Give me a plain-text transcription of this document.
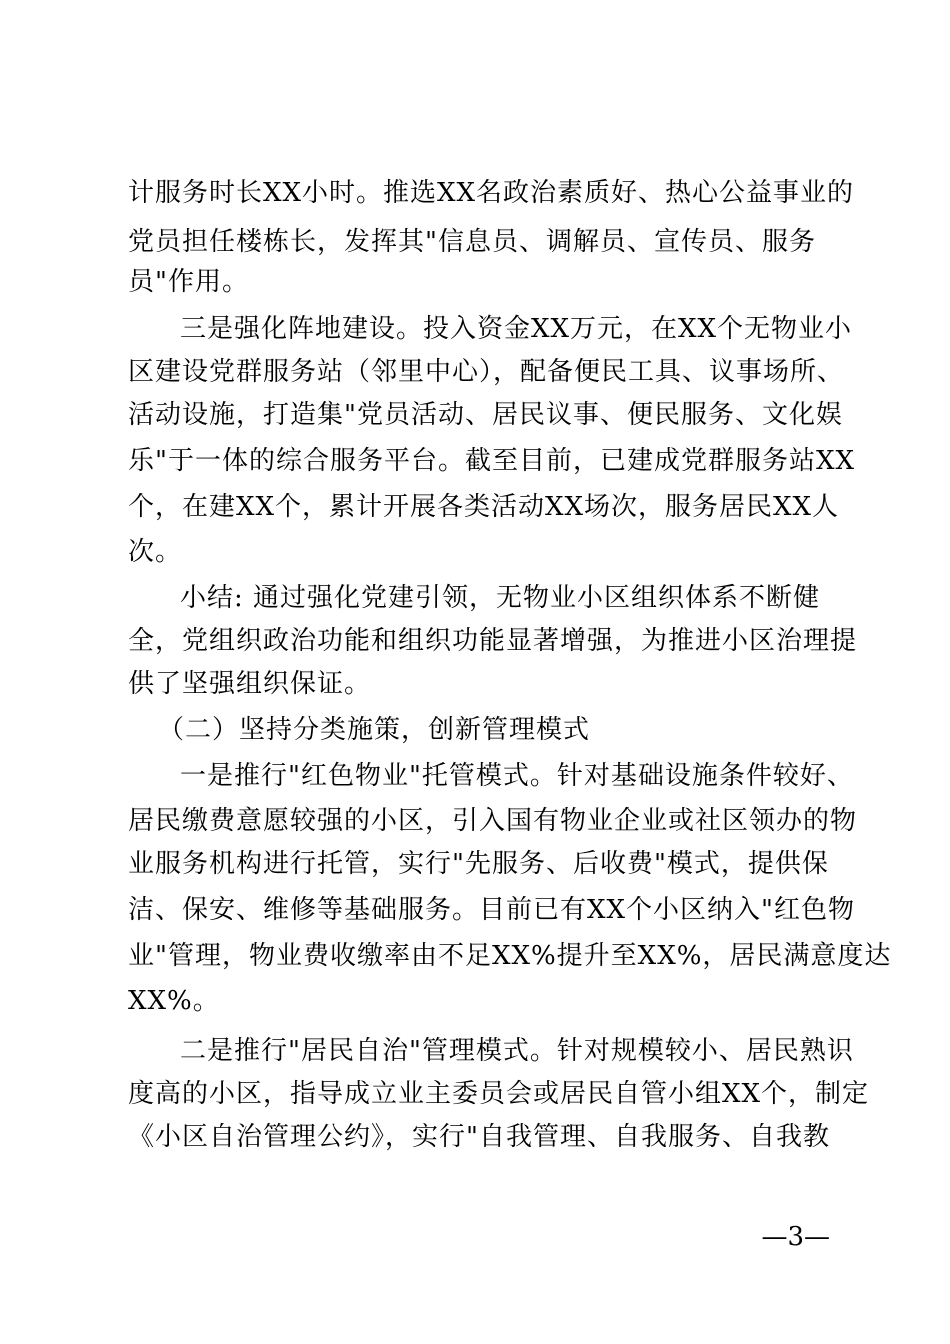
计服务时长XX小时。推选XX名政治素质好、热心公益事业的
党员担任楼栋长，发挥其"信息员、调解员、宣传员、服务
员"作用。
三是强化阵地建设。投入资金XX万元，在XX个无物业小
区建设党群服务站（邻里中心），配备便民工具、议事场所、
活动设施，打造集"党员活动、居民议事、便民服务、文化娱
乐"于一体的综合服务平台。截至目前，已建成党群服务站XX
个，在建XX个，累计开展各类活动XX场次，服务居民XX人
次。
小结: 通过强化党建引领，无物业小区组织体系不断健
全，党组织政治功能和组织功能显著增强，为推进小区治理提
供了坚强组织保证。
（二）坚持分类施策，创新管理模式
一是推行"红色物业"托管模式。针对基础设施条件较好、
居民缴费意愿较强的小区，引入国有物业企业或社区领办的物
业服务机构进行托管，实行"先服务、后收费"模式，提供保
洁、保安、维修等基础服务。目前已有XX个小区纳入"红色物
业"管理，物业费收缴率由不足XX%提升至XX%，居民满意度达
XX%。
二是推行"居民自治"管理模式。针对规模较小、居民熟识
度高的小区，指导成立业主委员会或居民自管小组XX个，制定
《小区自治管理公约》，实行"自我管理、自我服务、自我教
—3—
